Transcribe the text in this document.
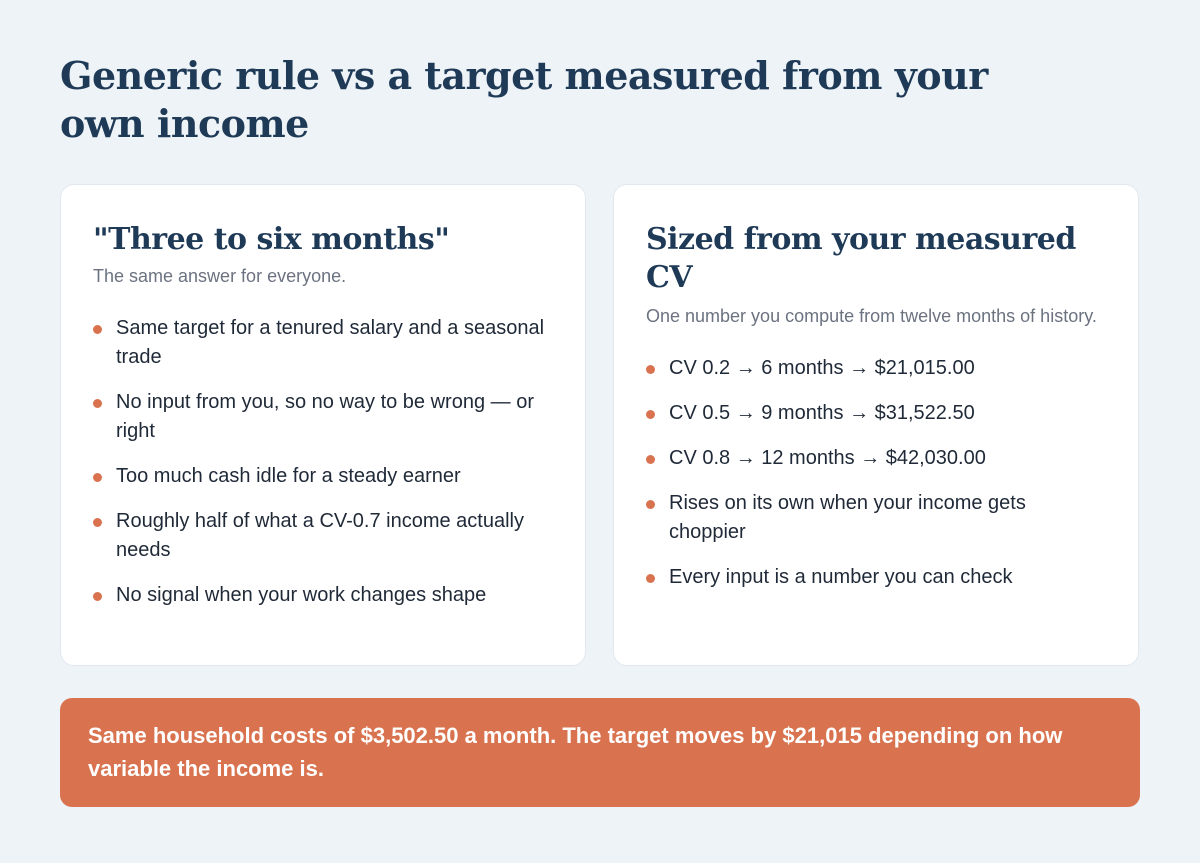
Generic rule vs a target measured from your own income
"Three to six months"

The same answer for everyone.

Same target for a tenured salary and a seasonal trade
No input from you, so no way to be wrong — or right
Too much cash idle for a steady earner
Roughly half of what a CV-0.7 income actually needs
No signal when your work changes shape
Sized from your measured CV

One number you compute from twelve months of history.

CV 0.2 → 6 months → $21,015.00
CV 0.5 → 9 months → $31,522.50
CV 0.8 → 12 months → $42,030.00
Rises on its own when your income gets choppier
Every input is a number you can check

Same household costs of $3,502.50 a month. The target moves by $21,015 depending on how variable the income is.
